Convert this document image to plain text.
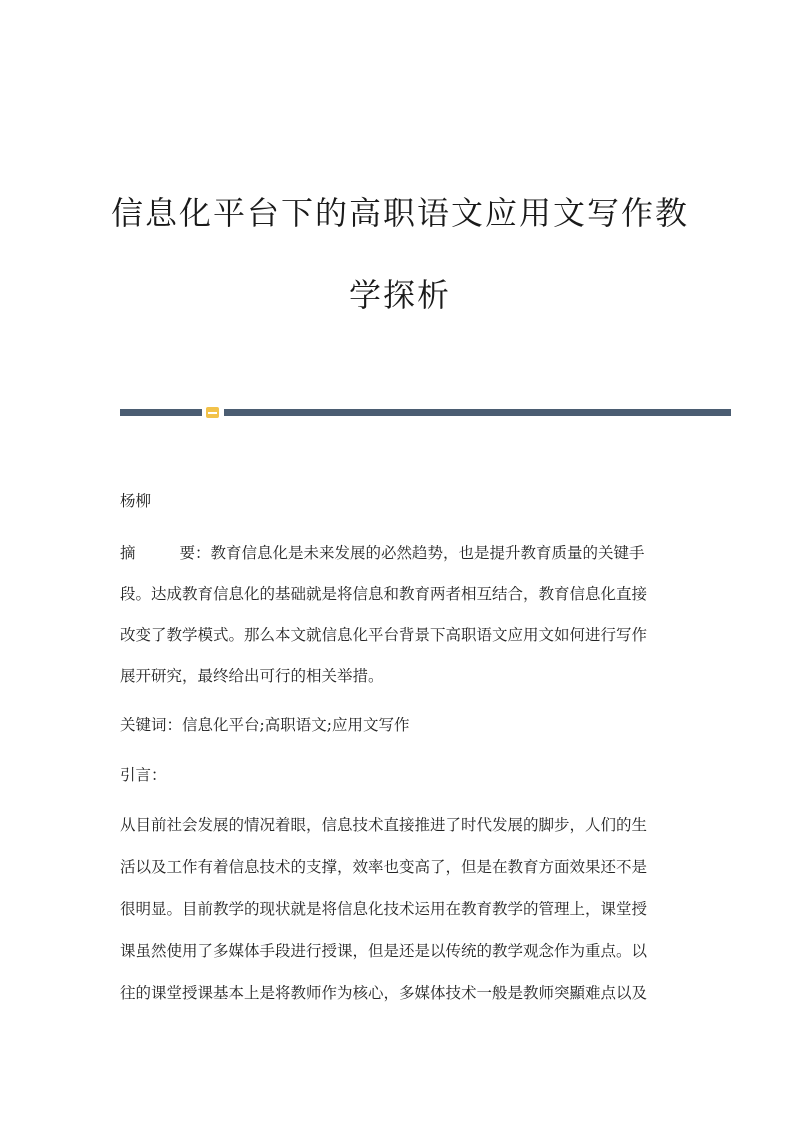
信息化平台下的高职语文应用文写作教
学探析
杨柳
摘	要：教育信息化是未来发展的必然趋势，也是提升教育质量的关键手
段。达成教育信息化的基础就是将信息和教育两者相互结合，教育信息化直接
改变了教学模式。那么本文就信息化平台背景下高职语文应用文如何进行写作
展开研究，最终给出可行的相关举措。
关键词：信息化平台;高职语文;应用文写作
引言：
从目前社会发展的情况着眼，信息技术直接推进了时代发展的脚步，人们的生
活以及工作有着信息技术的支撑，效率也变高了，但是在教育方面效果还不是
很明显。目前教学的现状就是将信息化技术运用在教育教学的管理上，课堂授
课虽然使用了多媒体手段进行授课，但是还是以传统的教学观念作为重点。以
往的课堂授课基本上是将教师作为核心，多媒体技术一般是教师突顯难点以及
